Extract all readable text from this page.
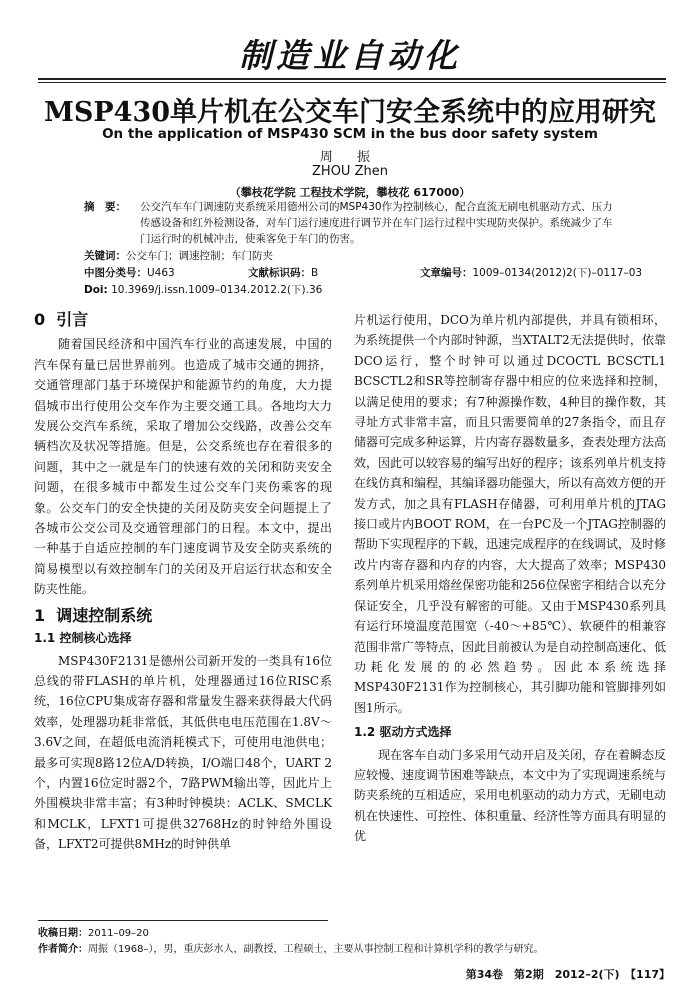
制造业自动化
MSP430单片机在公交车门安全系统中的应用研究
On the application of MSP430 SCM in the bus door safety system
周 振
ZHOU Zhen
（攀枝花学院 工程技术学院，攀枝花 617000）
摘　要：	公交汽车车门调速防夹系统采用德州公司的MSP430作为控制核心，配合直流无刷电机驱动方式、压力传感设备和红外检测设备，对车门运行速度进行调节并在车门运行过程中实现防夹保护。系统减少了车门运行时的机械冲击，使乘客免于车门的伤害。
关键词：公交车门；调速控制；车门防夹
中图分类号：U463	文献标识码：B	文章编号：1009–0134(2012)2(下)–0117–03
Doi: 10.3969/j.issn.1009–0134.2012.2(下).36
0 引言

随着国民经济和中国汽车行业的高速发展，中国的汽车保有量已居世界前列。也造成了城市交通的拥挤，交通管理部门基于环境保护和能源节约的角度，大力提倡城市出行使用公交车作为主要交通工具。各地均大力发展公交汽车系统，采取了增加公交线路，改善公交车辆档次及状况等措施。但是，公交系统也存在着很多的问题，其中之一就是车门的快速有效的关闭和防夹安全问题，在很多城市中都发生过公交车门夹伤乘客的现象。公交车门的安全快捷的关闭及防夹安全问题提上了各城市公交公司及交通管理部门的日程。本文中，提出一种基于自适应控制的车门速度调节及安全防夹系统的简易模型以有效控制车门的关闭及开启运行状态和安全防夹性能。

1 调速控制系统
1.1 控制核心选择

MSP430F2131是德州公司新开发的一类具有16位总线的带FLASH的单片机，处理器通过16位RISC系统，16位CPU集成寄存器和常量发生器来获得最大代码效率，处理器功耗非常低，其低供电电压范围在1.8V～3.6V之间，在超低电流消耗模式下，可使用电池供电；最多可实现8路12位A/D转换，I/O端口48个，UART 2个，内置16位定时器2个，7路PWM输出等，因此片上外围模块非常丰富；有3种时钟模块：ACLK、SMCLK和MCLK，LFXT1可提供32768Hz的时钟给外围设备，LFXT2可提供8MHz的时钟供单

片机运行使用，DCO为单片机内部提供，并具有锁相环，为系统提供一个内部时钟源，当XTALT2无法提供时，依靠DCO运行，整个时钟可以通过DCOCTL BCSCTL1 BCSCTL2和SR等控制寄存器中相应的位来选择和控制，以满足使用的要求；有7种源操作数，4种目的操作数，其寻址方式非常丰富，而且只需要简单的27条指令，而且存储器可完成多种运算，片内寄存器数量多，查表处理方法高效，因此可以较容易的编写出好的程序；该系列单片机支持在线仿真和编程，其编译器功能强大，所以有高效方便的开发方式，加之具有FLASH存储器，可利用单片机的JTAG接口或片内BOOT ROM，在一台PC及一个JTAG控制器的帮助下实现程序的下载，迅速完成程序的在线调试，及时修改片内寄存器和内存的内容，大大提高了效率；MSP430系列单片机采用熔丝保密功能和256位保密字相结合以充分保证安全，几乎没有解密的可能。又由于MSP430系列具有运行环境温度范围宽（-40～+85℃）、软硬件的相兼容范围非常广等特点，因此目前被认为是自动控制高速化、低功耗化发展的的必然趋势。因此本系统选择MSP430F2131作为控制核心，其引脚功能和管脚排列如图1所示。

1.2 驱动方式选择

现在客车自动门多采用气动开启及关闭，存在着瞬态反应较慢、速度调节困难等缺点，本文中为了实现调速系统与防夹系统的互相适应，采用电机驱动的动力方式，无刷电动机在快速性、可控性、体积重量、经济性等方面具有明显的优

收稿日期：2011–09–20
作者简介：周振（1968–），男，重庆彭水人，副教授，工程硕士，主要从事控制工程和计算机学科的教学与研究。
第34卷　第2期　2012–2(下)　【117】
